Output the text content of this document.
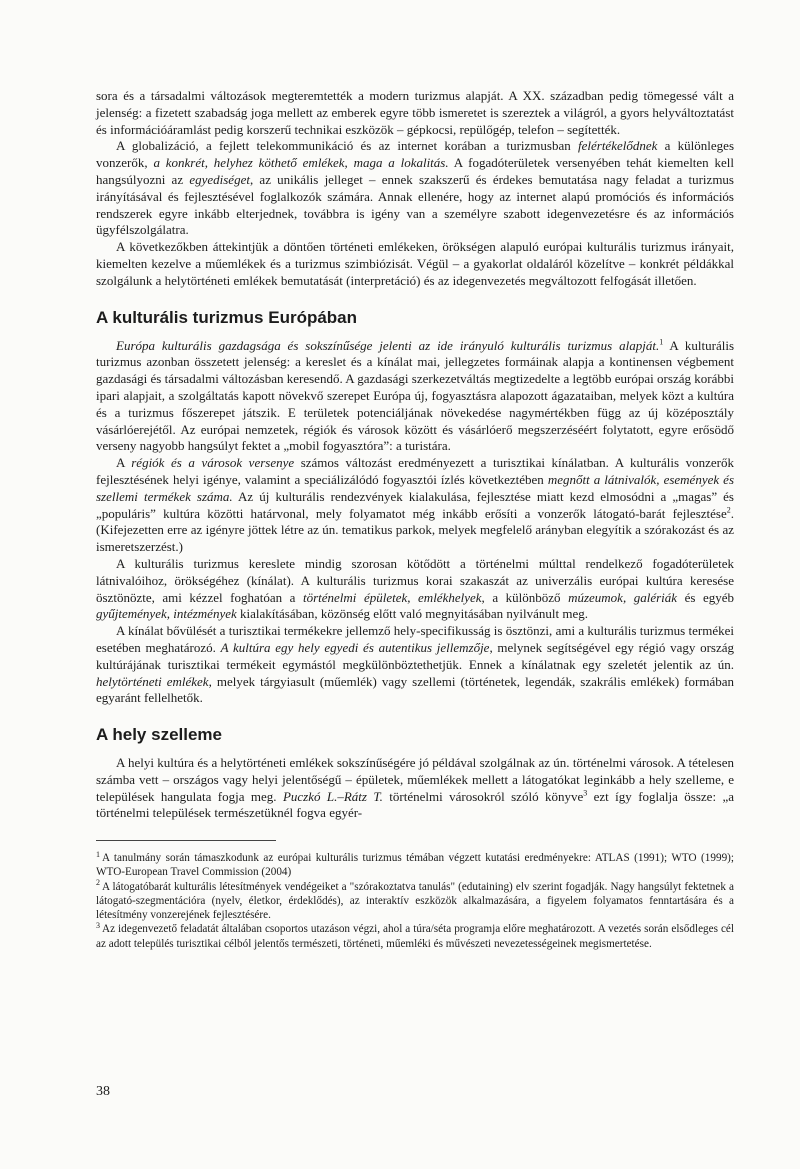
sora és a társadalmi változások megteremtették a modern turizmus alapját. A XX. században pedig tömegessé vált a jelenség: a fizetett szabadság joga mellett az emberek egyre több ismeretet is szereztek a világról, a gyors helyváltoztatást és információáramlást pedig korszerű technikai eszközök – gépkocsi, repülőgép, telefon – segítették.

A globalizáció, a fejlett telekommunikáció és az internet korában a turizmusban felértékelődnek a különleges vonzerők, a konkrét, helyhez köthető emlékek, maga a lokalitás. A fogadóterületek versenyében tehát kiemelten kell hangsúlyozni az egyediséget, az unikális jelleget – ennek szakszerű és érdekes bemutatása nagy feladat a turizmus irányításával és fejlesztésével foglalkozók számára. Annak ellenére, hogy az internet alapú promóciós és információs rendszerek egyre inkább elterjednek, továbbra is igény van a személyre szabott idegenvezetésre és az információs ügyfélszolgálatra.

A következőkben áttekintjük a döntően történeti emlékeken, örökségen alapuló európai kulturális turizmus irányait, kiemelten kezelve a műemlékek és a turizmus szimbiózisát. Végül – a gyakorlat oldaláról közelítve – konkrét példákkal szolgálunk a helytörténeti emlékek bemutatását (interpretáció) és az idegenvezetés megváltozott felfogását illetően.

A kulturális turizmus Európában

Európa kulturális gazdagsága és sokszínűsége jelenti az ide irányuló kulturális turizmus alapját.$^1$ A kulturális turizmus azonban összetett jelenség: a kereslet és a kínálat mai, jellegzetes formáinak alapja a kontinensen végbement gazdasági és társadalmi változásban keresendő. A gazdasági szerkezetváltás megtizedelte a legtöbb európai ország korábbi ipari alapjait, a szolgáltatás kapott növekvő szerepet Európa új, fogyasztásra alapozott ágazataiban, melyek közt a kultúra és a turizmus főszerepet játszik. E területek potenciáljának növekedése nagymértékben függ az új középosztály vásárlóerejétől. Az európai nemzetek, régiók és városok között és vásárlóerő megszerzéséért folytatott, egyre erősödő verseny nagyobb hangsúlyt fektet a „mobil fogyasztóra”: a turistára.

A régiók és a városok versenye számos változást eredményezett a turisztikai kínálatban. A kulturális vonzerők fejlesztésének helyi igénye, valamint a speciálizálódó fogyasztói ízlés következtében megnőtt a látnivalók, események és szellemi termékek száma. Az új kulturális rendezvények kialakulása, fejlesztése miatt kezd elmosódni a „magas” és „populáris” kultúra közötti határvonal, mely folyamatot még inkább erősíti a vonzerők látogató-barát fejlesztése$^2$. (Kifejezetten erre az igényre jöttek létre az ún. tematikus parkok, melyek megfelelő arányban elegyítik a szórakozást és az ismeretszerzést.)

A kulturális turizmus kereslete mindig szorosan kötődött a történelmi múlttal rendelkező fogadóterületek látnivalóihoz, örökségéhez (kínálat). A kulturális turizmus korai szakaszát az univerzális európai kultúra keresése ösztönözte, ami kézzel foghatóan a történelmi épületek, emlékhelyek, a különböző múzeumok, galériák és egyéb gyűjtemények, intézmények kialakításában, közönség előtt való megnyitásában nyilvánult meg.

A kínálat bővülését a turisztikai termékekre jellemző hely-specifikusság is ösztönzi, ami a kulturális turizmus termékei esetében meghatározó. A kultúra egy hely egyedi és autentikus jellemzője, melynek segítségével egy régió vagy ország kultúrájának turisztikai termékeit egymástól megkülönböztethetjük. Ennek a kínálatnak egy szeletét jelentik az ún. helytörténeti emlékek, melyek tárgyiasult (műemlék) vagy szellemi (történetek, legendák, szakrális emlékek) formában egyaránt fellelhetők.

A hely szelleme

A helyi kultúra és a helytörténeti emlékek sokszínűségére jó példával szolgálnak az ún. történelmi városok. A tételesen számba vett – országos vagy helyi jelentőségű – épületek, műemlékek mellett a látogatókat leginkább a hely szelleme, e települések hangulata fogja meg. Puczkó L.–Rátz T. történelmi városokról szóló könyve$^3$ ezt így foglalja össze: „a történelmi települések természetüknél fogva egyér-

$^1$ A tanulmány során támaszkodunk az európai kulturális turizmus témában végzett kutatási eredményekre: ATLAS (1991); WTO (1999); WTO-European Travel Commission (2004)

$^2$ A látogatóbarát kulturális létesítmények vendégeiket a "szórakoztatva tanulás" (edutaining) elv szerint fogadják. Nagy hangsúlyt fektetnek a látogató-szegmentációra (nyelv, életkor, érdeklődés), az interaktív eszközök alkalmazására, a figyelem folyamatos fenntartására és a létesítmény vonzerejének fejlesztésére.

$^3$ Az idegenvezető feladatát általában csoportos utazáson végzi, ahol a túra/séta programja előre meghatározott. A vezetés során elsődleges cél az adott település turisztikai célból jelentős természeti, történeti, műemléki és művészeti nevezetességeinek megismertetése.

38
